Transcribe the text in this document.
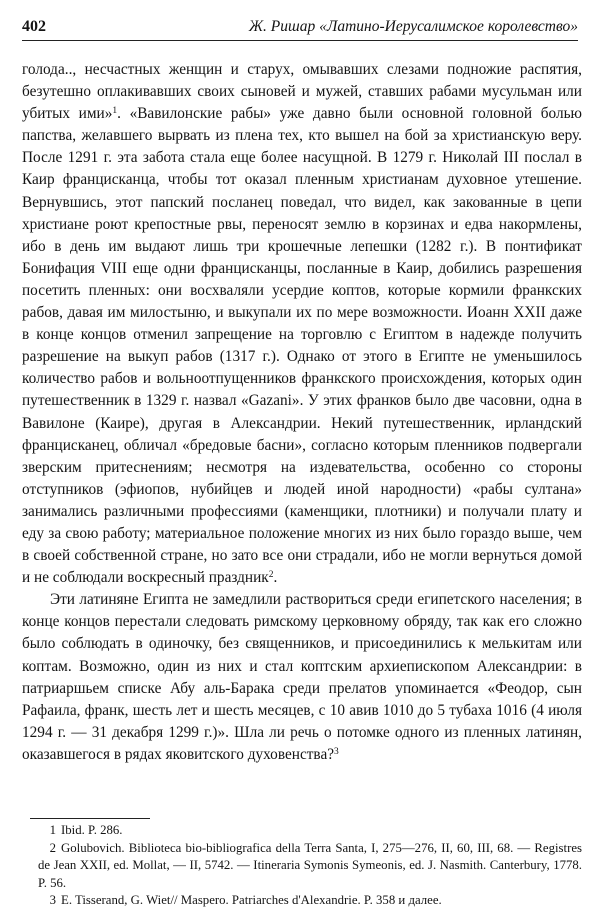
402	Ж. Ришар «Латино-Иерусалимское королевство»

голода.., несчастных женщин и старух, омывавших слезами подножие распятия, безутешно оплакивавших своих сыновей и мужей, ставших рабами мусульман или убитых ими»$^1$. «Вавилонские рабы» уже давно были основной головной болью папства, желавшего вырвать из плена тех, кто вышел на бой за христианскую веру. После 1291 г. эта забота стала еще более насущной. В 1279 г. Николай III послал в Каир францисканца, чтобы тот оказал пленным христианам духовное утешение. Вернувшись, этот папский посланец поведал, что видел, как закованные в цепи христиане роют крепостные рвы, переносят землю в корзинах и едва накормлены, ибо в день им выдают лишь три крошечные лепешки (1282 г.). В понтификат Бонифация VIII еще одни францисканцы, посланные в Каир, добились разрешения посетить пленных: они восхваляли усердие коптов, которые кормили франкских рабов, давая им милостыню, и выкупали их по мере возможности. Иоанн XXII даже в конце концов отменил запрещение на торговлю с Египтом в надежде получить разрешение на выкуп рабов (1317 г.). Однако от этого в Египте не уменьшилось количество рабов и вольноотпущенников франкского происхождения, которых один путешественник в 1329 г. назвал «Gazani». У этих франков было две часовни, одна в Вавилоне (Каире), другая в Александрии. Некий путешественник, ирландский францисканец, обличал «бредовые басни», согласно которым пленников подвергали зверским притеснениям; несмотря на издевательства, особенно со стороны отступников (эфиопов, нубийцев и людей иной народности) «рабы султана» занимались различными профессиями (каменщики, плотники) и получали плату и еду за свою работу; материальное положение многих из них было гораздо выше, чем в своей собственной стране, но зато все они страдали, ибо не могли вернуться домой и не соблюдали воскресный праздник$^2$.

Эти латиняне Египта не замедлили раствориться среди египетского населения; в конце концов перестали следовать римскому церковному обряду, так как его сложно было соблюдать в одиночку, без священников, и присоединились к мелькитам или коптам. Возможно, один из них и стал коптским архиепископом Александрии: в патриаршьем списке Абу аль-Барака среди прелатов упоминается «Феодор, сын Рафаила, франк, шесть лет и шесть месяцев, с 10 авив 1010 до 5 тубаха 1016 (4 июля 1294 г. — 31 декабря 1299 г.)». Шла ли речь о потомке одного из пленных латинян, оказавшегося в рядах яковитского духовенства?$^3$

1 Ibid. P. 286.

2 Golubovich. Biblioteca bio-bibliografica della Terra Santa, I, 275—276, II, 60, III, 68. — Registres de Jean XXII, ed. Mollat, — II, 5742. — Itineraria Symonis Symeonis, ed. J. Nasmith. Canterbury, 1778. P. 56.

3 E. Tisserand, G. Wiet// Maspero. Patriarches d'Alexandrie. P. 358 и далее.
